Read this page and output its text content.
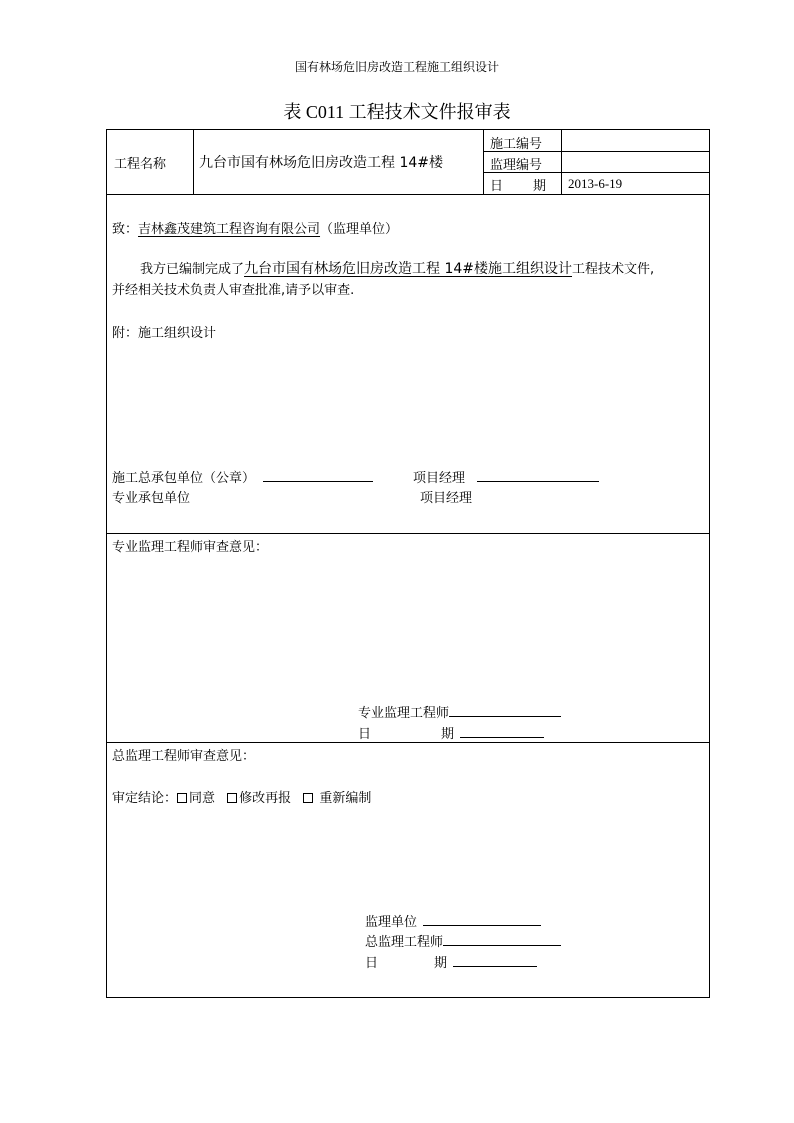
国有林场危旧房改造工程施工组织设计
表 C011 工程技术文件报审表
工程名称 九台市国有林场危旧房改造工程 14#楼
施工编号
监理编号
日 期 2013-6-19
致：吉林鑫茂建筑工程咨询有限公司（监理单位）
我方已编制完成了九台市国有林场危旧房改造工程 14#楼施工组织设计工程技术文件,
并经相关技术负责人审查批准,请予以审查.
附：施工组织设计
施工总承包单位（公章）	项目经理
专业承包单位	项目经理
专业监理工程师审查意见：
专业监理工程师
日	期
总监理工程师审查意见：
审定结论： 同意 修改再报 重新编制
监理单位
总监理工程师
日	期
